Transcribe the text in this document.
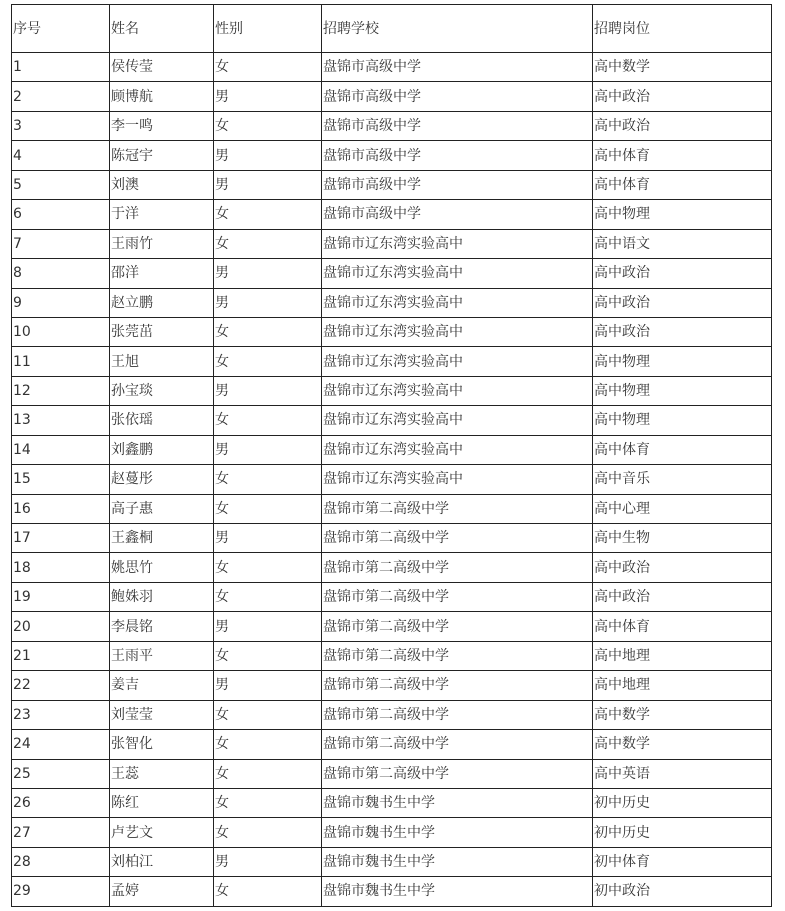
序号	姓名	性别	招聘学校	招聘岗位
1	侯传莹	女	盘锦市高级中学	高中数学
2	顾博航	男	盘锦市高级中学	高中政治
3	李一鸣	女	盘锦市高级中学	高中政治
4	陈冠宇	男	盘锦市高级中学	高中体育
5	刘澳	男	盘锦市高级中学	高中体育
6	于洋	女	盘锦市高级中学	高中物理
7	王雨竹	女	盘锦市辽东湾实验高中	高中语文
8	邵洋	男	盘锦市辽东湾实验高中	高中政治
9	赵立鹏	男	盘锦市辽东湾实验高中	高中政治
10	张莞茁	女	盘锦市辽东湾实验高中	高中政治
11	王旭	女	盘锦市辽东湾实验高中	高中物理
12	孙宝琰	男	盘锦市辽东湾实验高中	高中物理
13	张依瑶	女	盘锦市辽东湾实验高中	高中物理
14	刘鑫鹏	男	盘锦市辽东湾实验高中	高中体育
15	赵蔓彤	女	盘锦市辽东湾实验高中	高中音乐
16	高子惠	女	盘锦市第二高级中学	高中心理
17	王鑫桐	男	盘锦市第二高级中学	高中生物
18	姚思竹	女	盘锦市第二高级中学	高中政治
19	鲍姝羽	女	盘锦市第二高级中学	高中政治
20	李晨铭	男	盘锦市第二高级中学	高中体育
21	王雨平	女	盘锦市第二高级中学	高中地理
22	姜吉	男	盘锦市第二高级中学	高中地理
23	刘莹莹	女	盘锦市第二高级中学	高中数学
24	张智化	女	盘锦市第二高级中学	高中数学
25	王蕊	女	盘锦市第二高级中学	高中英语
26	陈红	女	盘锦市魏书生中学	初中历史
27	卢艺文	女	盘锦市魏书生中学	初中历史
28	刘柏江	男	盘锦市魏书生中学	初中体育
29	孟婷	女	盘锦市魏书生中学	初中政治
